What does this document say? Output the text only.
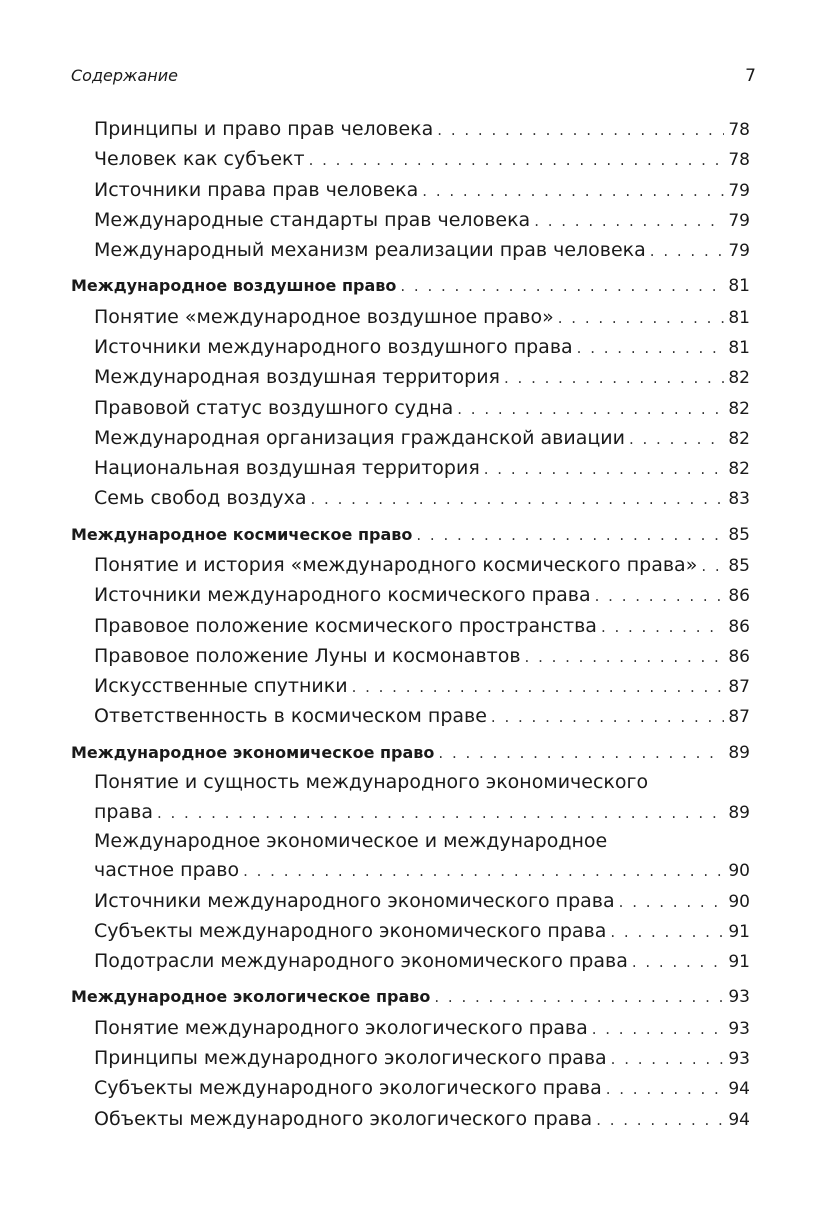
Содержание	7
Принципы и право прав человека . . .	78
Человек как субъект . . .	78
Источники права прав человека . . .	79
Международные стандарты прав человека . . .	79
Международный механизм реализации прав человека . . .	79
Международное воздушное право . . .	81
Понятие «международное воздушное право» . . .	81
Источники международного воздушного права . . .	81
Международная воздушная территория . . .	82
Правовой статус воздушного судна . . .	82
Международная организация гражданской авиации . . .	82
Национальная воздушная территория . . .	82
Семь свобод воздуха . . .	83
Международное космическое право . . .	85
Понятие и история «международного космического права» . . . 85
Источники международного космического права . . .	86
Правовое положение космического пространства . . .	86
Правовое положение Луны и космонавтов . . .	86
Искусственные спутники . . .	87
Ответственность в космическом праве . . .	87
Международное экономическое право . . .	89
Понятие и сущность международного экономического
права . . .	89
Международное экономическое и международное
частное право . . .	90
Источники международного экономического права . . .	90
Субъекты международного экономического права . . .	91
Подотрасли международного экономического права . . .	91
Международное экологическое право . . .	93
Понятие международного экологического права . . .	93
Принципы международного экологического права . . .	93
Субъекты международного экологического права . . .	94
Объекты международного экологического права . . .	94
